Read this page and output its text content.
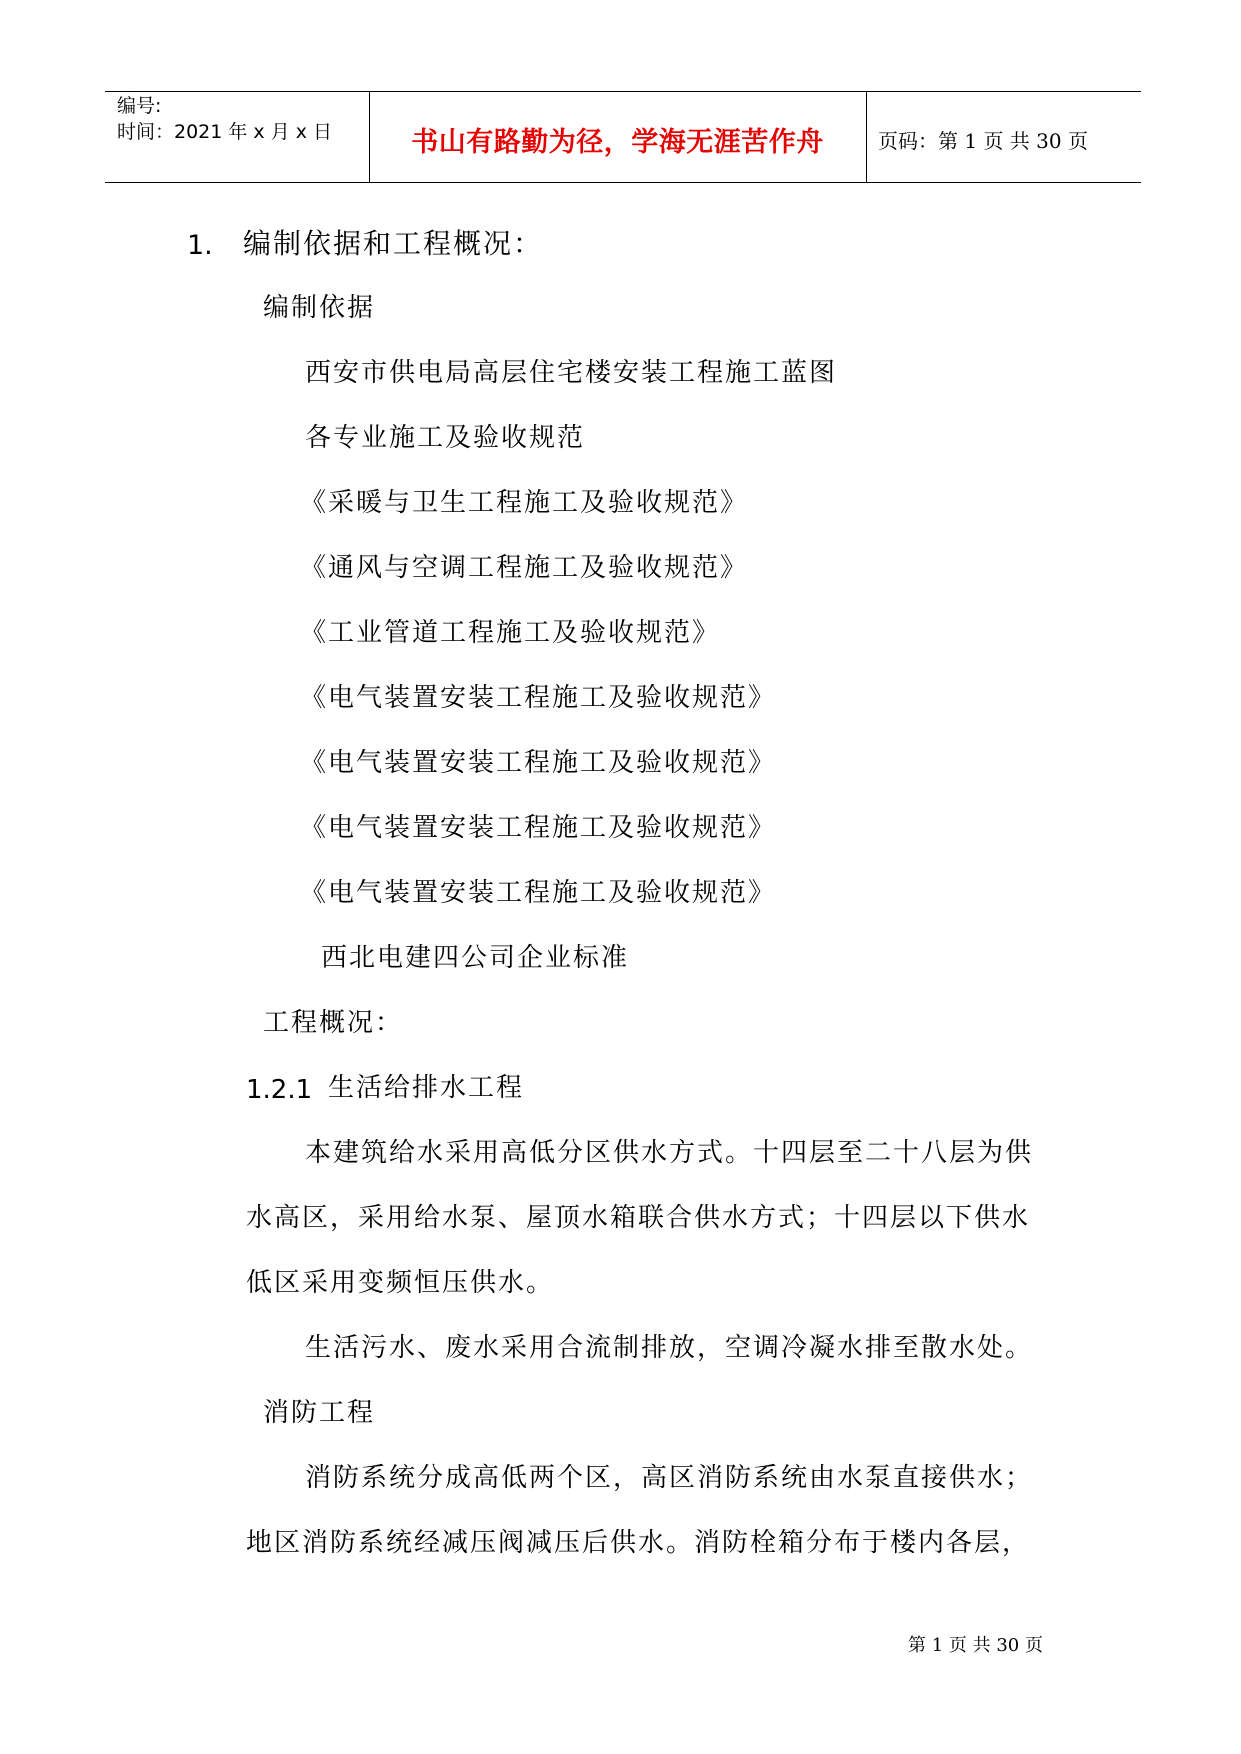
编号:
时间：2021 年 x 月 x 日	书山有路勤为径，学海无涯苦作舟	页码：第 1 页 共 30 页
1. 编制依据和工程概况：
编制依据
西安市供电局高层住宅楼安装工程施工蓝图
各专业施工及验收规范
《采暖与卫生工程施工及验收规范》
《通风与空调工程施工及验收规范》
《工业管道工程施工及验收规范》
《电气装置安装工程施工及验收规范》
《电气装置安装工程施工及验收规范》
《电气装置安装工程施工及验收规范》
《电气装置安装工程施工及验收规范》
西北电建四公司企业标准
工程概况：
1.2.1 生活给排水工程
本建筑给水采用高低分区供水方式。十四层至二十八层为供
水高区，采用给水泵、屋顶水箱联合供水方式；十四层以下供水
低区采用变频恒压供水。
生活污水、废水采用合流制排放，空调冷凝水排至散水处。
消防工程
消防系统分成高低两个区，高区消防系统由水泵直接供水；
地区消防系统经减压阀减压后供水。消防栓箱分布于楼内各层，
第 1 页 共 30 页
